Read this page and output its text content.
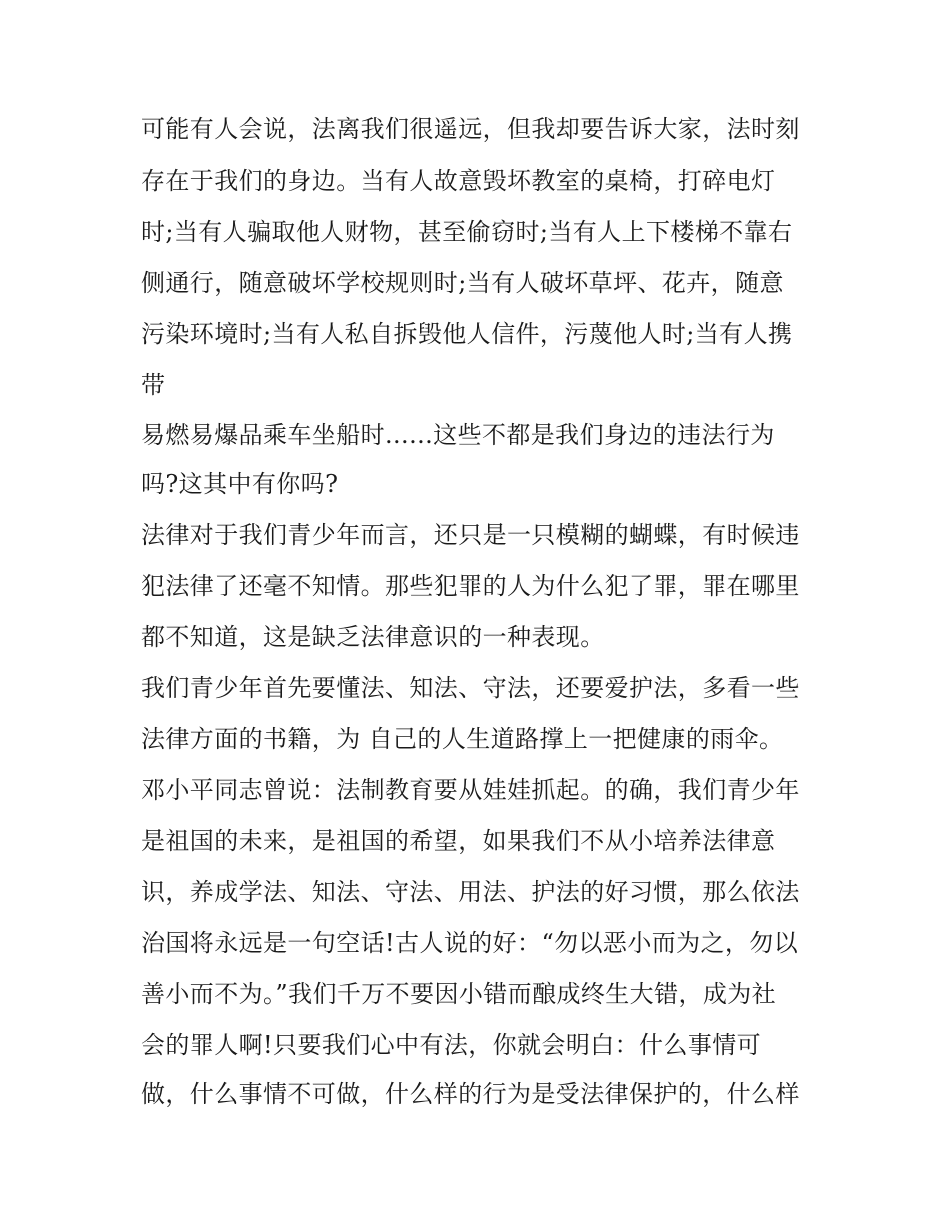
可能有人会说，法离我们很遥远，但我却要告诉大家，法时刻
存在于我们的身边。当有人故意毁坏教室的桌椅，打碎电灯
时;当有人骗取他人财物，甚至偷窃时;当有人上下楼梯不靠右
侧通行，随意破坏学校规则时;当有人破坏草坪、花卉，随意
污染环境时;当有人私自拆毁他人信件，污蔑他人时;当有人携
带
易燃易爆品乘车坐船时......这些不都是我们身边的违法行为
吗?这其中有你吗?
法律对于我们青少年而言，还只是一只模糊的蝴蝶，有时候违
犯法律了还毫不知情。那些犯罪的人为什么犯了罪，罪在哪里
都不知道，这是缺乏法律意识的一种表现。
我们青少年首先要懂法、知法、守法，还要爱护法，多看一些
法律方面的书籍，为 自己的人生道路撑上一把健康的雨伞。
邓小平同志曾说：法制教育要从娃娃抓起。的确，我们青少年
是祖国的未来，是祖国的希望，如果我们不从小培养法律意
识，养成学法、知法、守法、用法、护法的好习惯，那么依法
治国将永远是一句空话!古人说的好：“勿以恶小而为之，勿以
善小而不为。”我们千万不要因小错而酿成终生大错，成为社
会的罪人啊!只要我们心中有法，你就会明白：什么事情可
做，什么事情不可做，什么样的行为是受法律保护的，什么样
